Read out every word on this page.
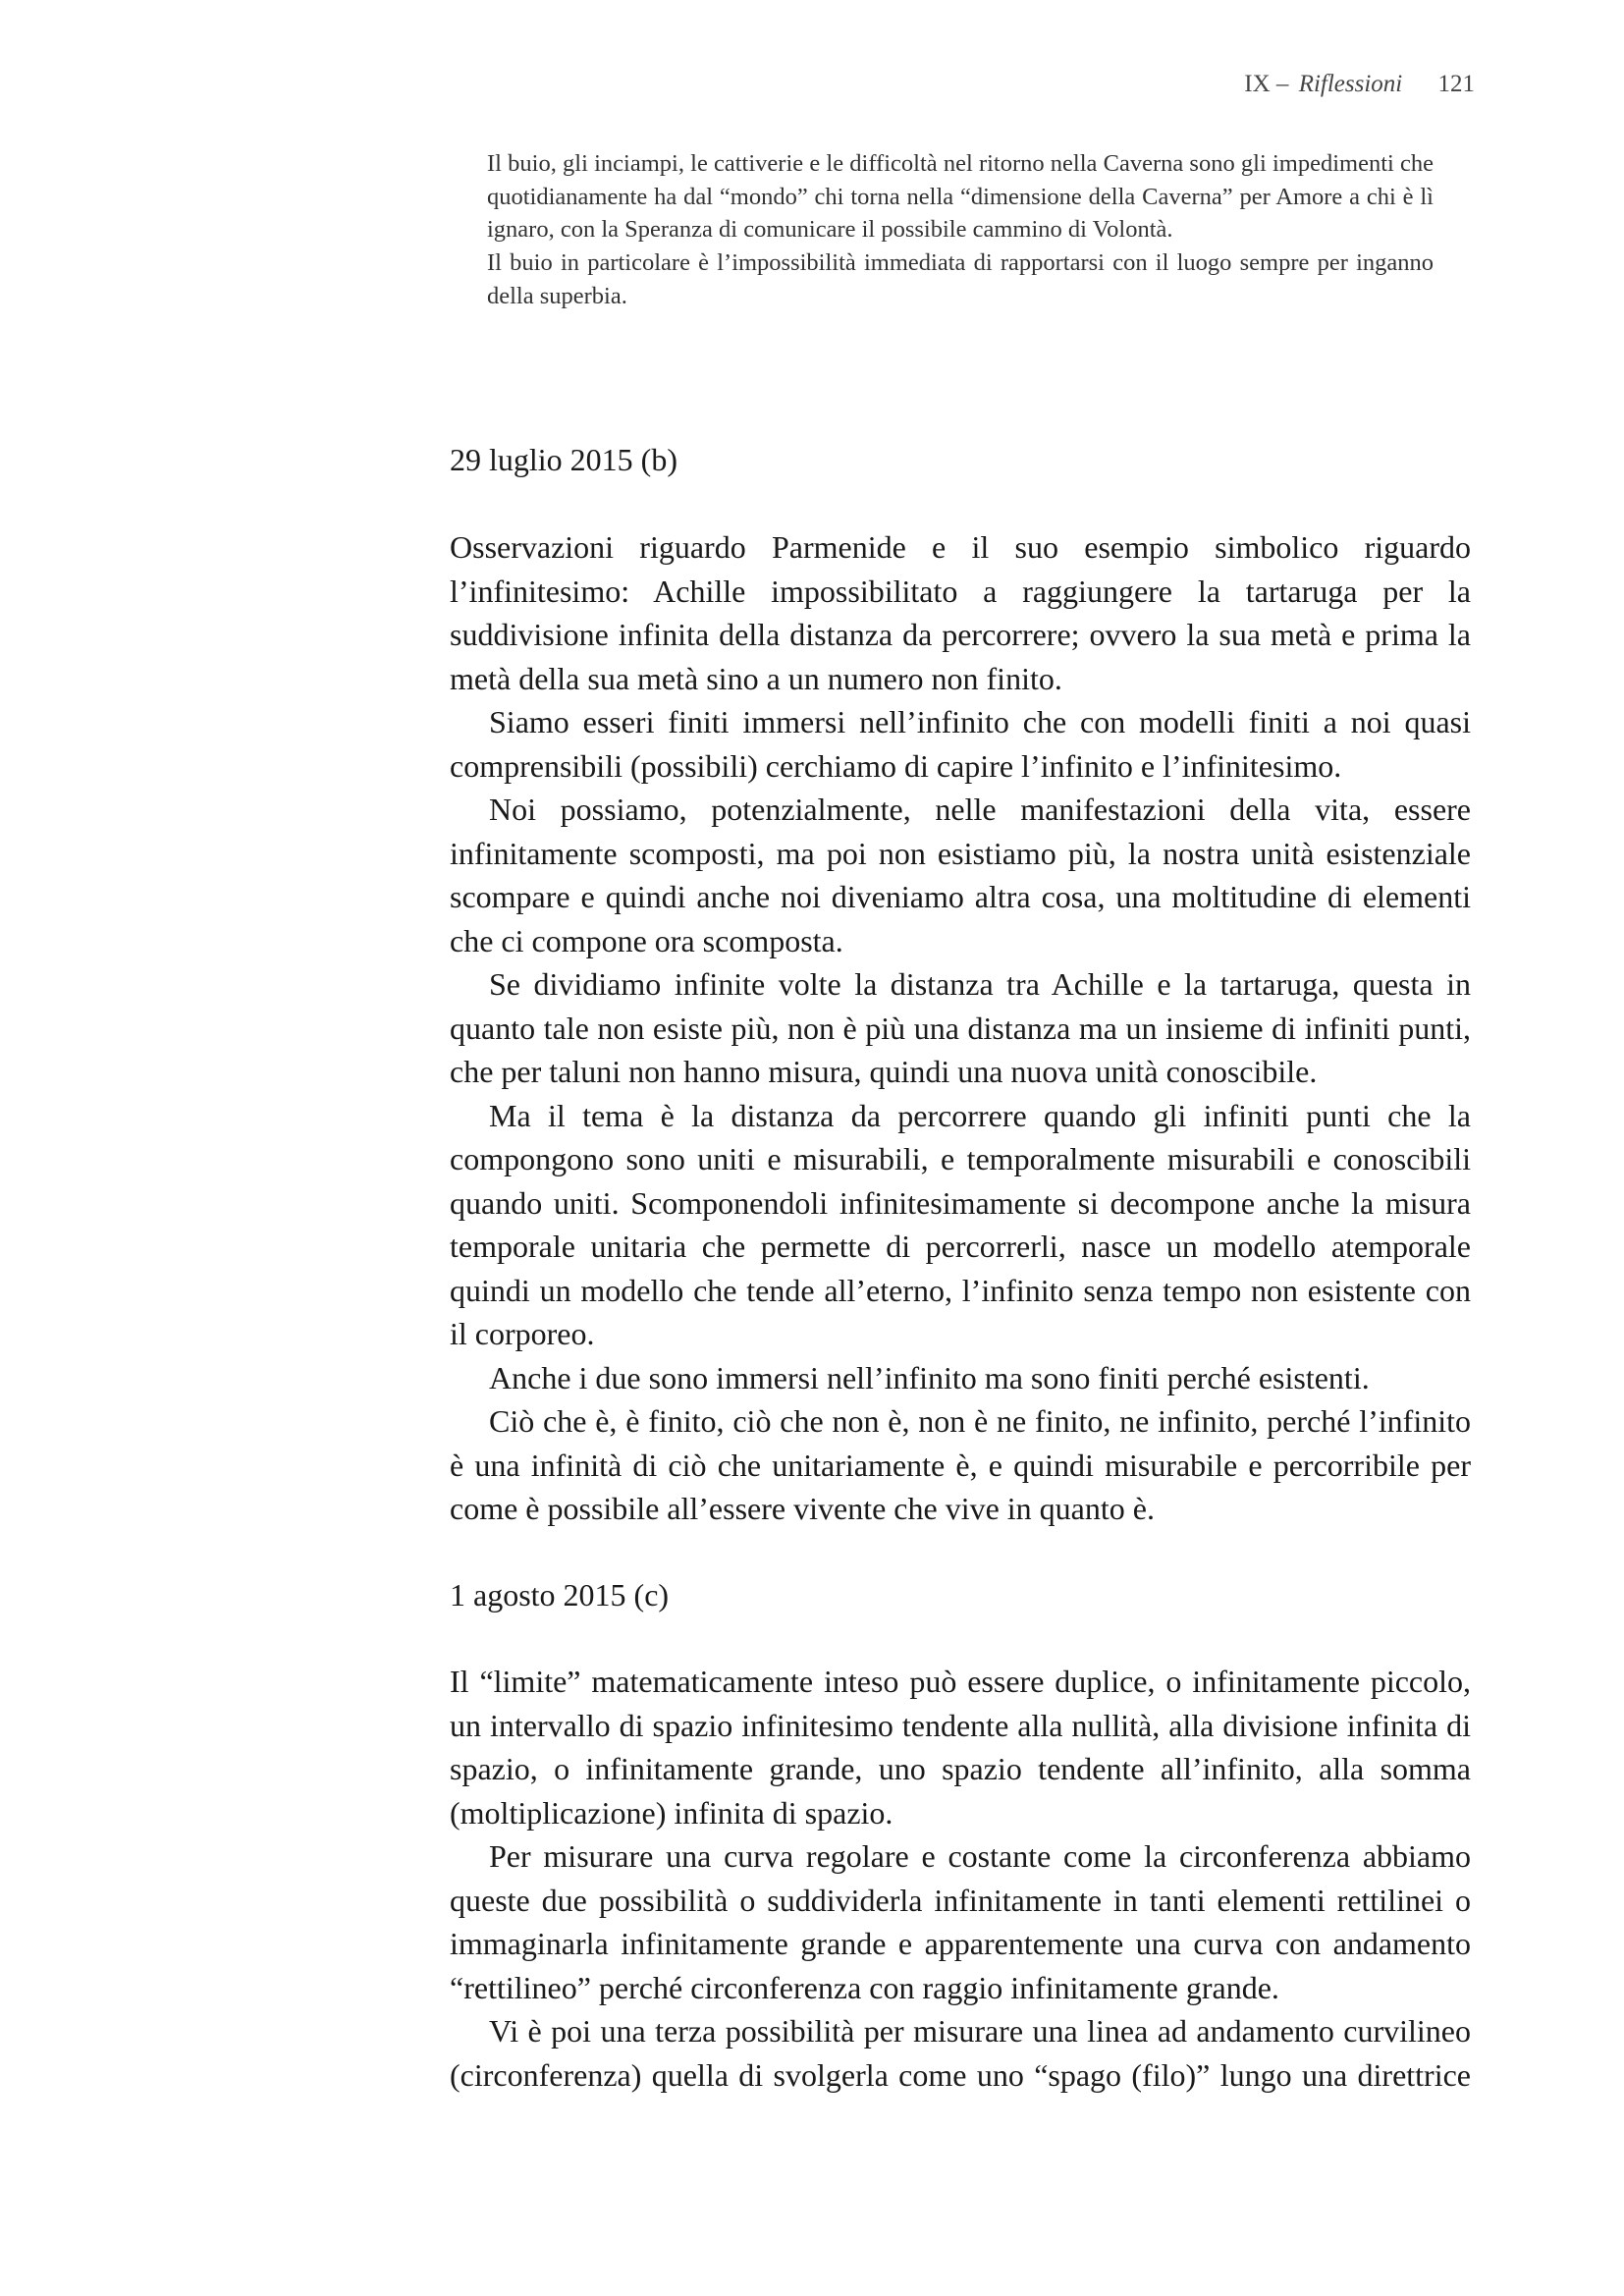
IX – Riflessioni 121

Il buio, gli inciampi, le cattiverie e le difficoltà nel ritorno nella Caverna sono gli impedimenti che quotidianamente ha dal “mondo” chi torna nella “dimensione della Caverna” per Amore a chi è lì ignaro, con la Speranza di comunicare il possibile cammino di Volontà.

Il buio in particolare è l’impossibilità immediata di rapportarsi con il luogo sempre per inganno della superbia.

29 luglio 2015 (b)

Osservazioni riguardo Parmenide e il suo esempio simbolico riguardo l’infinitesimo: Achille impossibilitato a raggiungere la tartaruga per la suddivisione infinita della distanza da percorrere; ovvero la sua metà e prima la metà della sua metà sino a un numero non finito.

Siamo esseri finiti immersi nell’infinito che con modelli finiti a noi quasi comprensibili (possibili) cerchiamo di capire l’infinito e l’infinitesimo.

Noi possiamo, potenzialmente, nelle manifestazioni della vita, essere infinitamente scomposti, ma poi non esistiamo più, la nostra unità esistenziale scompare e quindi anche noi diveniamo altra cosa, una moltitudine di elementi che ci compone ora scomposta.

Se dividiamo infinite volte la distanza tra Achille e la tartaruga, questa in quanto tale non esiste più, non è più una distanza ma un insieme di infiniti punti, che per taluni non hanno misura, quindi una nuova unità conoscibile.

Ma il tema è la distanza da percorrere quando gli infiniti punti che la compongono sono uniti e misurabili, e temporalmente misurabili e conoscibili quando uniti. Scomponendoli infinitesimamente si decompone anche la misura temporale unitaria che permette di percorrerli, nasce un modello atemporale quindi un modello che tende all’eterno, l’infinito senza tempo non esistente con il corporeo.

Anche i due sono immersi nell’infinito ma sono finiti perché esistenti.

Ciò che è, è finito, ciò che non è, non è ne finito, ne infinito, perché l’infinito è una infinità di ciò che unitariamente è, e quindi misurabile e percorribile per come è possibile all’essere vivente che vive in quanto è.

1 agosto 2015 (c)

Il “limite” matematicamente inteso può essere duplice, o infinitamente piccolo, un intervallo di spazio infinitesimo tendente alla nullità, alla divisione infinita di spazio, o infinitamente grande, uno spazio tendente all’infinito, alla somma (moltiplicazione) infinita di spazio.

Per misurare una curva regolare e costante come la circonferenza abbiamo queste due possibilità o suddividerla infinitamente in tanti elementi rettilinei o immaginarla infinitamente grande e apparentemente una curva con andamento “rettilineo” perché circonferenza con raggio infinitamente grande.

Vi è poi una terza possibilità per misurare una linea ad andamento curvilineo (circonferenza) quella di svolgerla come uno “spago (filo)” lungo una direttrice
